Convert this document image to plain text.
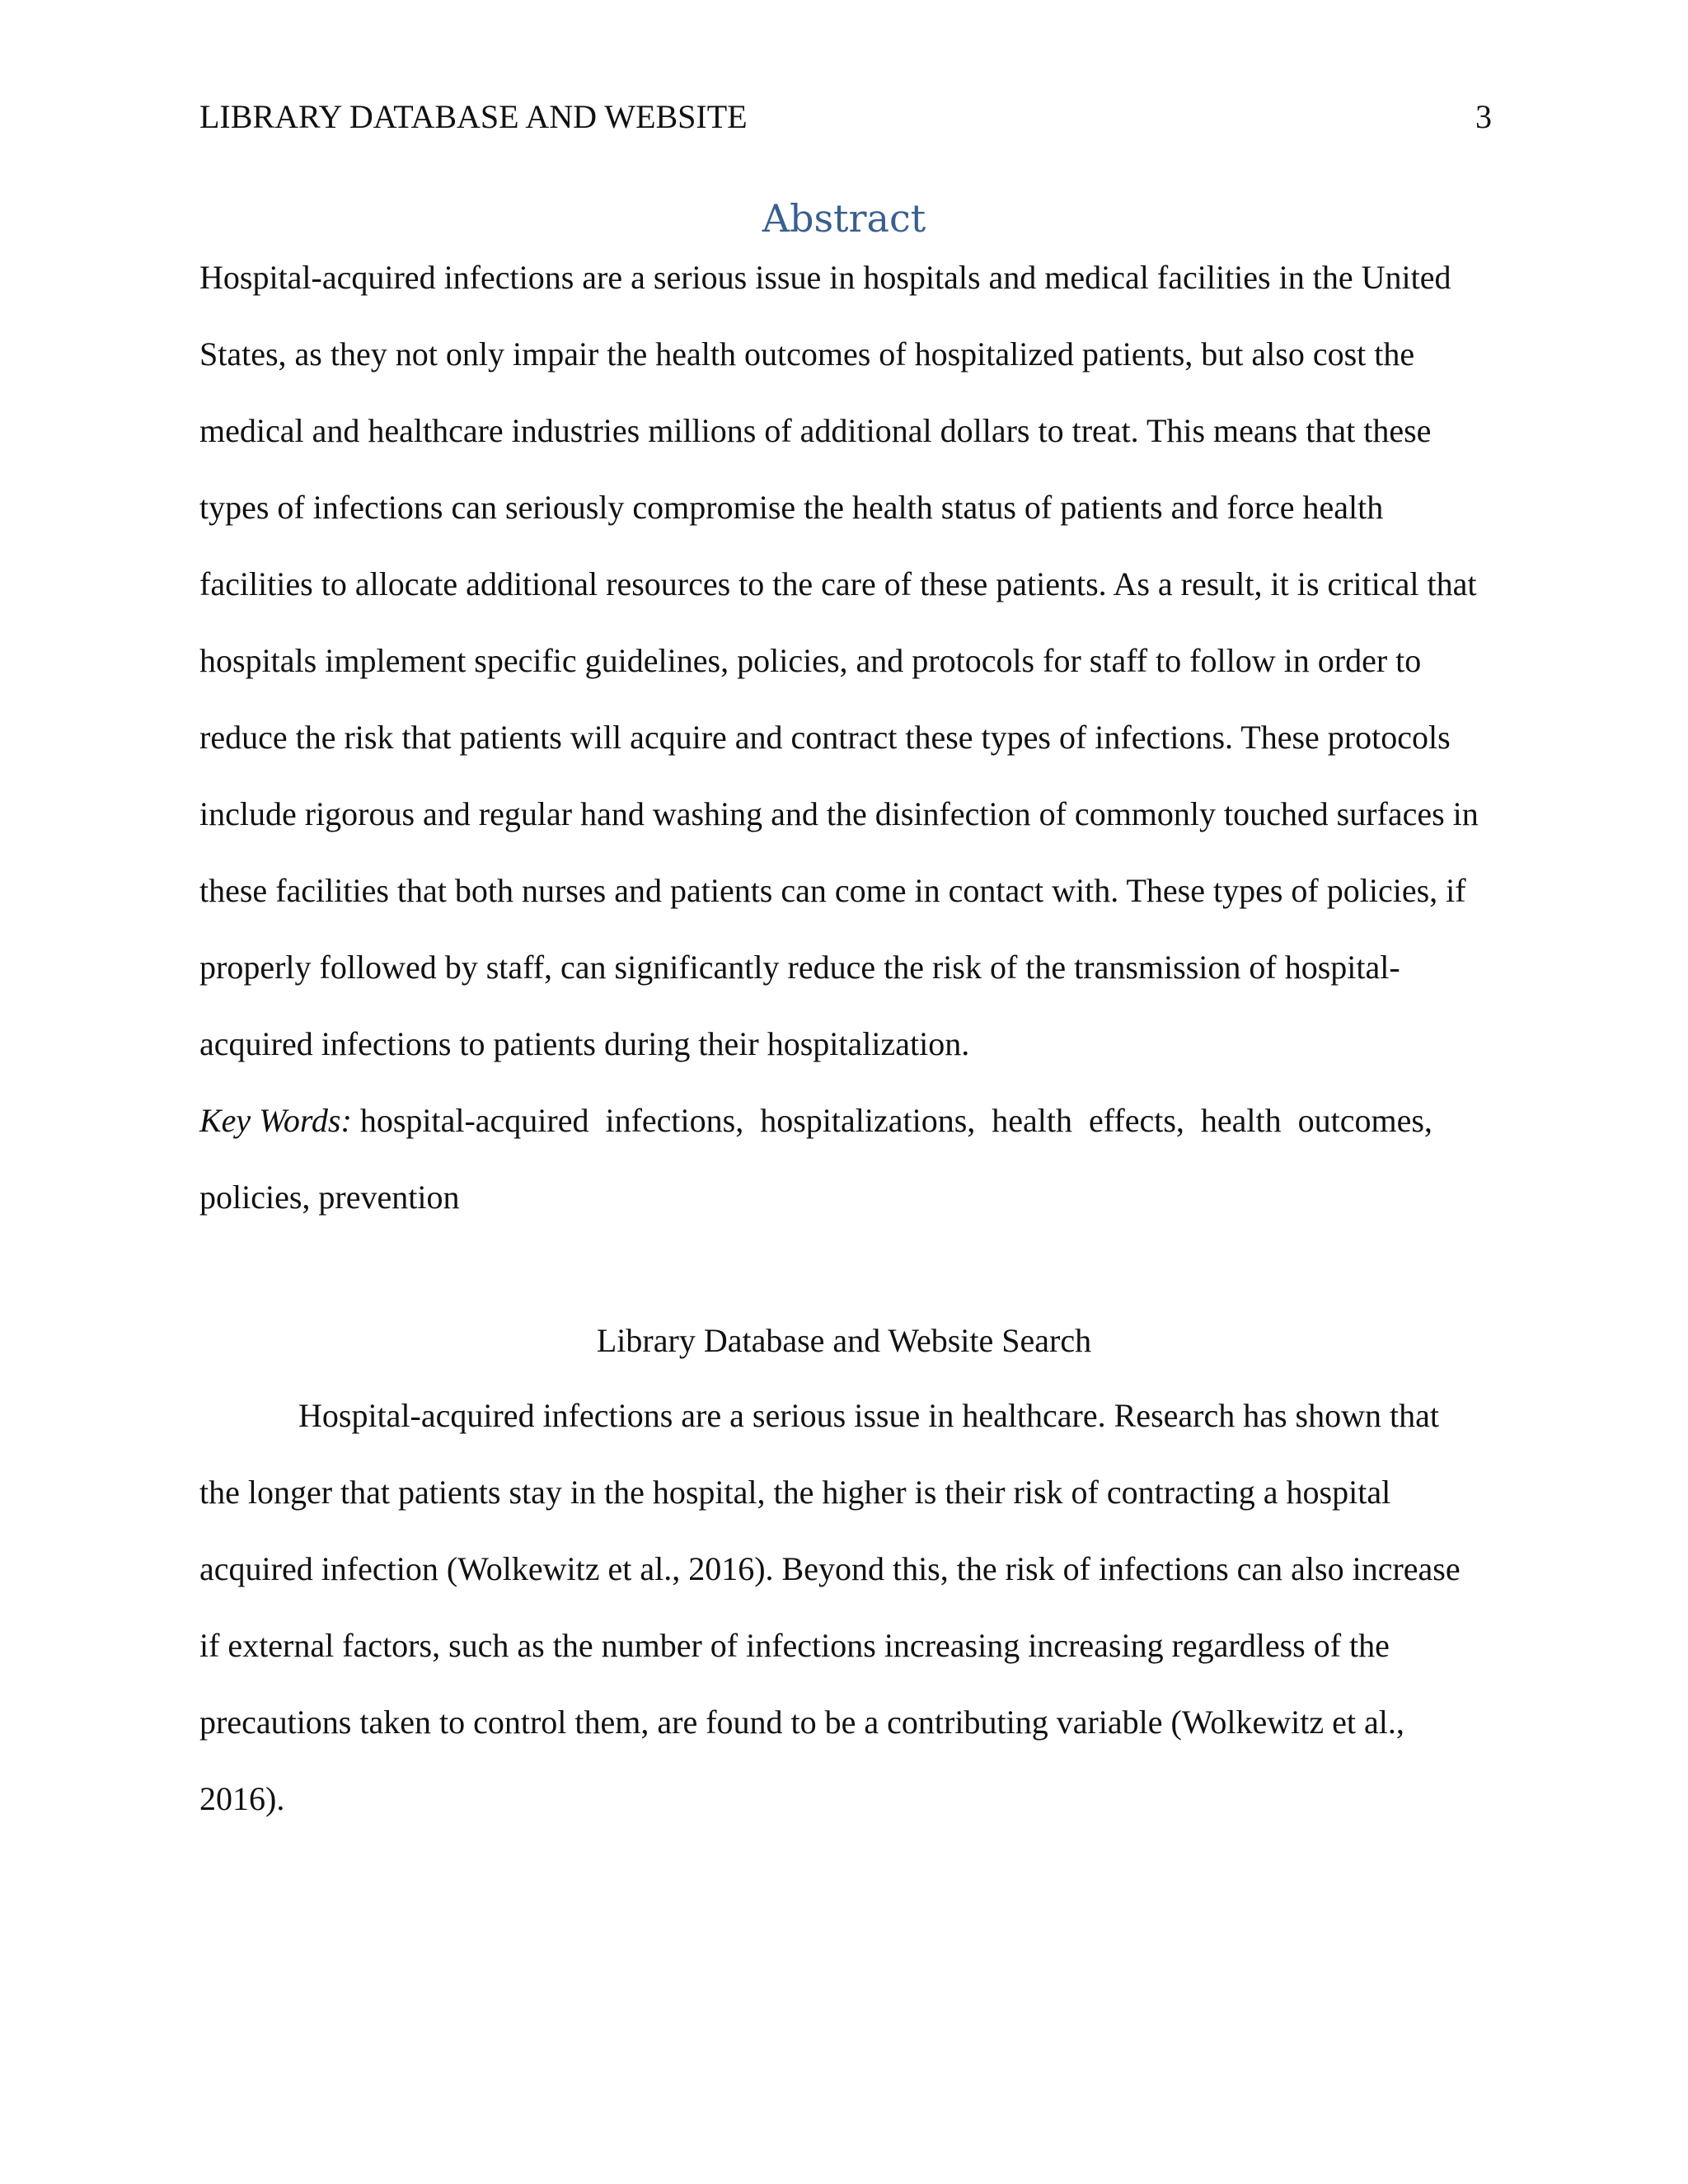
LIBRARY DATABASE AND WEBSITE	3
Abstract
Hospital-acquired infections are a serious issue in hospitals and medical facilities in the United
States, as they not only impair the health outcomes of hospitalized patients, but also cost the
medical and healthcare industries millions of additional dollars to treat. This means that these
types of infections can seriously compromise the health status of patients and force health
facilities to allocate additional resources to the care of these patients. As a result, it is critical that
hospitals implement specific guidelines, policies, and protocols for staff to follow in order to
reduce the risk that patients will acquire and contract these types of infections. These protocols
include rigorous and regular hand washing and the disinfection of commonly touched surfaces in
these facilities that both nurses and patients can come in contact with. These types of policies, if
properly followed by staff, can significantly reduce the risk of the transmission of hospital-
acquired infections to patients during their hospitalization.
Key Words: hospital-acquired  infections,  hospitalizations,  health  effects,  health  outcomes,
policies, prevention
Library Database and Website Search
Hospital-acquired infections are a serious issue in healthcare. Research has shown that
the longer that patients stay in the hospital, the higher is their risk of contracting a hospital
acquired infection (Wolkewitz et al., 2016). Beyond this, the risk of infections can also increase
if external factors, such as the number of infections increasing increasing regardless of the
precautions taken to control them, are found to be a contributing variable (Wolkewitz et al.,
2016).
